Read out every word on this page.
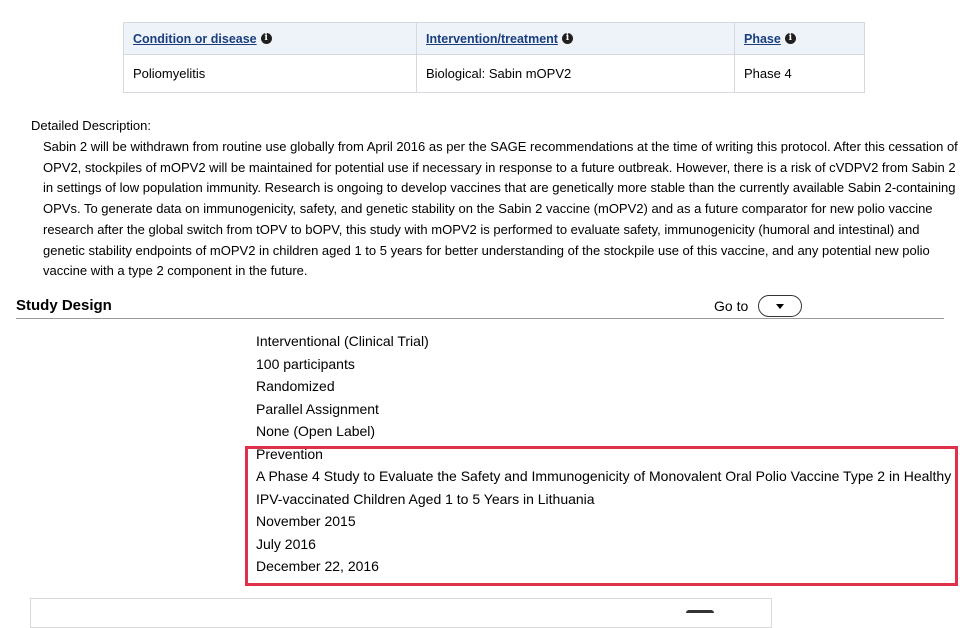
Condition or disease i	Intervention/treatment i	Phase i
Poliomyelitis	Biological: Sabin mOPV2	Phase 4
Detailed Description:
Sabin 2 will be withdrawn from routine use globally from April 2016 as per the SAGE recommendations at the time of writing this protocol. After this cessation of OPV2, stockpiles of mOPV2 will be maintained for potential use if necessary in response to a future outbreak. However, there is a risk of cVDPV2 from Sabin 2 in settings of low population immunity. Research is ongoing to develop vaccines that are genetically more stable than the currently available Sabin 2-containing OPVs. To generate data on immunogenicity, safety, and genetic stability on the Sabin 2 vaccine (mOPV2) and as a future comparator for new polio vaccine research after the global switch from tOPV to bOPV, this study with mOPV2 is performed to evaluate safety, immunogenicity (humoral and intestinal) and genetic stability endpoints of mOPV2 in children aged 1 to 5 years for better understanding of the stockpile use of this vaccine, and any potential new polio vaccine with a type 2 component in the future.
Study Design	Go to

Interventional (Clinical Trial)

100 participants
Randomized
Parallel Assignment
None (Open Label)
Prevention
A Phase 4 Study to Evaluate the Safety and Immunogenicity of Monovalent Oral Polio Vaccine Type 2 in Healthy
IPV-vaccinated Children Aged 1 to 5 Years in Lithuania

November 2015

July 2016

December 22, 2016
